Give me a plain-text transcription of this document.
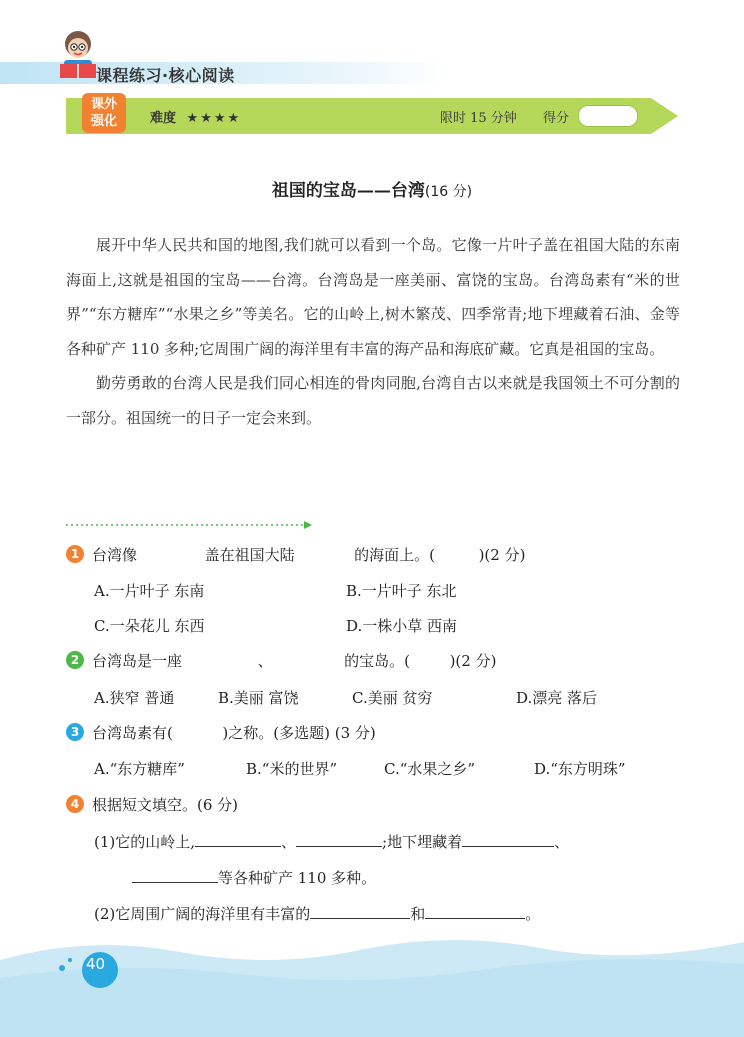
课程练习·核心阅读
课外
强化	难度 ★★★★	限时 15 分钟 得分
祖国的宝岛——台湾(16 分)

展开中华人民共和国的地图,我们就可以看到一个岛。它像一片叶子盖在祖国大陆的东南海面上,这就是祖国的宝岛——台湾。台湾岛是一座美丽、富饶的宝岛。台湾岛素有“米的世界”“东方糖库”“水果之乡”等美名。它的山岭上,树木繁茂、四季常青;地下埋藏着石油、金等各种矿产 110 多种;它周围广阔的海洋里有丰富的海产品和海底矿藏。它真是祖国的宝岛。

勤劳勇敢的台湾人民是我们同心相连的骨肉同胞,台湾自古以来就是我国领土不可分割的一部分。祖国统一的日子一定会来到。

1 台湾像	盖在祖国大陆	的海面上。(	)(2 分)
A.一片叶子 东南	B.一片叶子 东北
C.一朵花儿 东西	D.一株小草 西南
2 台湾岛是一座	、	的宝岛。(	)(2 分)
A.狭窄 普通	B.美丽 富饶	C.美丽 贫穷	D.漂亮 落后
3 台湾岛素有(	)之称。(多选题) (3 分)
A.“东方糖库”	B.“米的世界”	C.“水果之乡”	D.“东方明珠”
4 根据短文填空。(6 分)
(1)它的山岭上,	、	;地下埋藏着	、
等各种矿产 110 多种。
(2)它周围广阔的海洋里有丰富的	和	。
40
